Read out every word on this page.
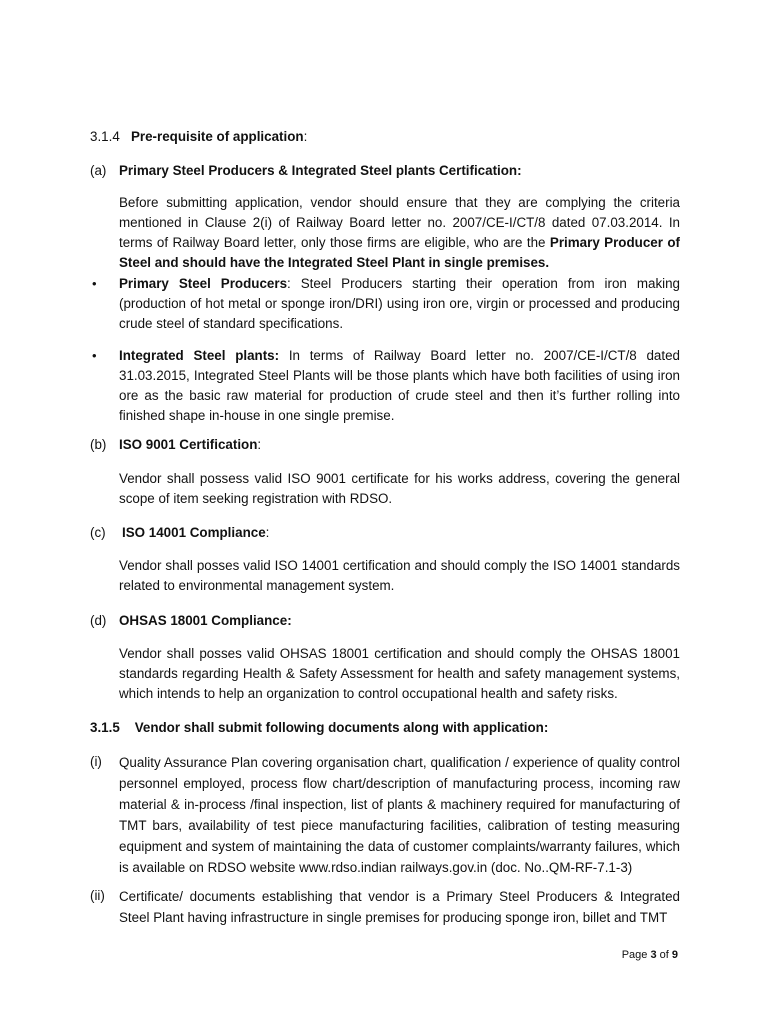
3.1.4 Pre-requisite of application:
(a) Primary Steel Producers & Integrated Steel plants Certification:
Before submitting application, vendor should ensure that they are complying the criteria mentioned in Clause 2(i) of Railway Board letter no. 2007/CE-I/CT/8 dated 07.03.2014. In terms of Railway Board letter, only those firms are eligible, who are the Primary Producer of Steel and should have the Integrated Steel Plant in single premises.
• Primary Steel Producers: Steel Producers starting their operation from iron making (production of hot metal or sponge iron/DRI) using iron ore, virgin or processed and producing crude steel of standard specifications.
• Integrated Steel plants: In terms of Railway Board letter no. 2007/CE-I/CT/8 dated 31.03.2015, Integrated Steel Plants will be those plants which have both facilities of using iron ore as the basic raw material for production of crude steel and then it’s further rolling into finished shape in-house in one single premise.
(b) ISO 9001 Certification:
Vendor shall possess valid ISO 9001 certificate for his works address, covering the general scope of item seeking registration with RDSO.
(c) ISO 14001 Compliance:
Vendor shall posses valid ISO 14001 certification and should comply the ISO 14001 standards related to environmental management system.
(d) OHSAS 18001 Compliance:
Vendor shall posses valid OHSAS 18001 certification and should comply the OHSAS 18001 standards regarding Health & Safety Assessment for health and safety management systems, which intends to help an organization to control occupational health and safety risks.
3.1.5 Vendor shall submit following documents along with application:
(i) Quality Assurance Plan covering organisation chart, qualification / experience of quality control personnel employed, process flow chart/description of manufacturing process, incoming raw material & in-process /final inspection, list of plants & machinery required for manufacturing of TMT bars, availability of test piece manufacturing facilities, calibration of testing measuring equipment and system of maintaining the data of customer complaints/warranty failures, which is available on RDSO website www.rdso.indian railways.gov.in (doc. No..QM-RF-7.1-3)
(ii) Certificate/ documents establishing that vendor is a Primary Steel Producers & Integrated Steel Plant having infrastructure in single premises for producing sponge iron, billet and TMT
Page 3 of 9
